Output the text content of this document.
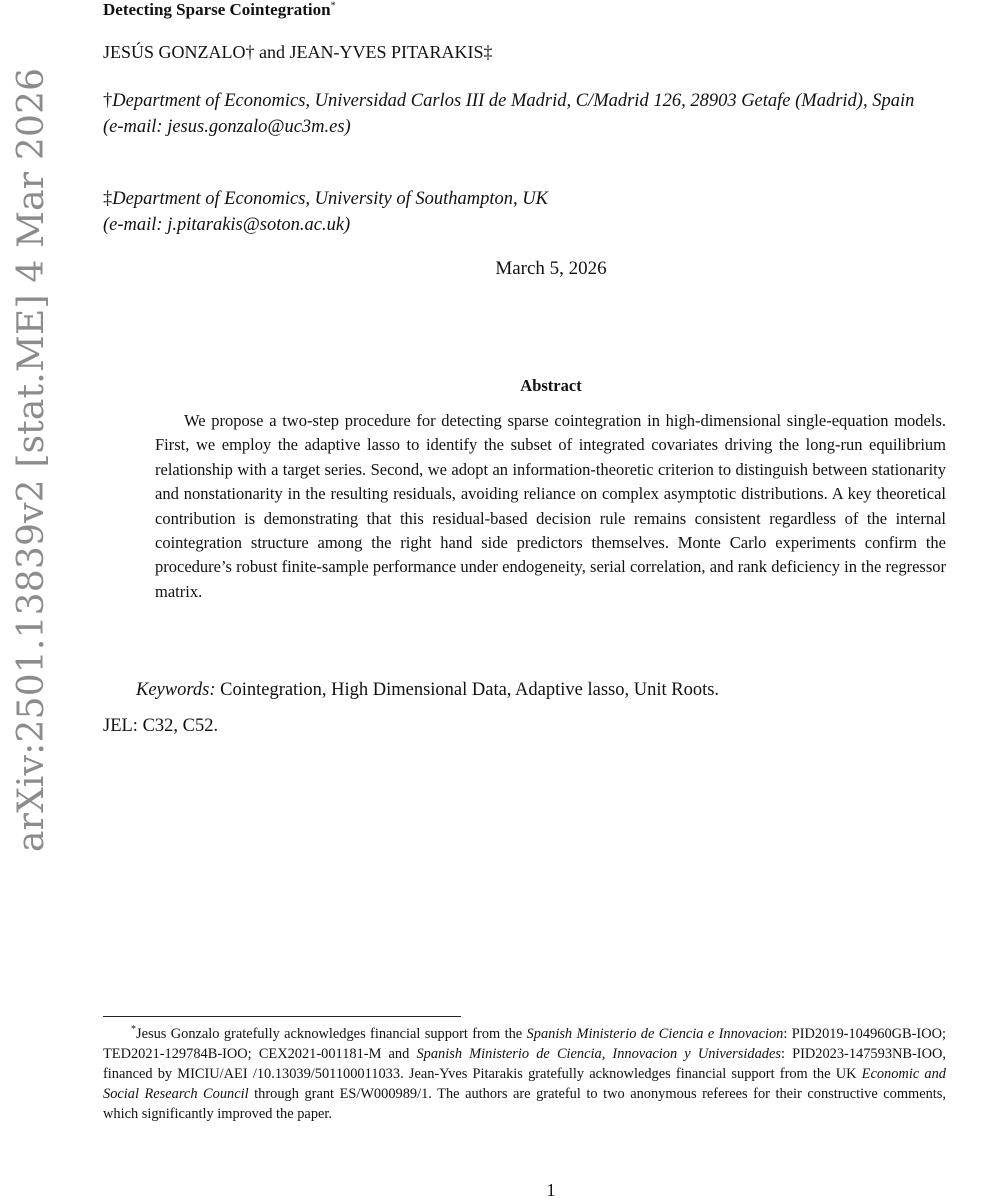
arXiv:2501.13839v2 [stat.ME] 4 Mar 2026
Detecting Sparse Cointegration*
JESÚS GONZALO† and JEAN-YVES PITARAKIS‡
†Department of Economics, Universidad Carlos III de Madrid, C/Madrid 126, 28903 Getafe (Madrid), Spain
(e-mail: jesus.gonzalo@uc3m.es)
‡Department of Economics, University of Southampton, UK
(e-mail: j.pitarakis@soton.ac.uk)
March 5, 2026
Abstract
We propose a two-step procedure for detecting sparse cointegration in high-dimensional single-equation models. First, we employ the adaptive lasso to identify the subset of integrated covariates driving the long-run equilibrium relationship with a target series. Second, we adopt an information-theoretic criterion to distinguish between stationarity and nonstationarity in the resulting residuals, avoiding reliance on complex asymptotic distributions. A key theoretical contribution is demonstrating that this residual-based decision rule remains consistent regardless of the internal cointegration structure among the right hand side predictors themselves. Monte Carlo experiments confirm the procedure’s robust finite-sample performance under endogeneity, serial correlation, and rank deficiency in the regressor matrix.
Keywords: Cointegration, High Dimensional Data, Adaptive lasso, Unit Roots.
JEL: C32, C52.
*Jesus Gonzalo gratefully acknowledges financial support from the Spanish Ministerio de Ciencia e Innovacion: PID2019-104960GB-IOO; TED2021-129784B-IOO; CEX2021-001181-M and Spanish Ministerio de Ciencia, Innovacion y Universidades: PID2023-147593NB-IOO, financed by MICIU/AEI /10.13039/501100011033. Jean-Yves Pitarakis gratefully acknowledges financial support from the UK Economic and Social Research Council through grant ES/W000989/1. The authors are grateful to two anonymous referees for their constructive comments, which significantly improved the paper.
1
